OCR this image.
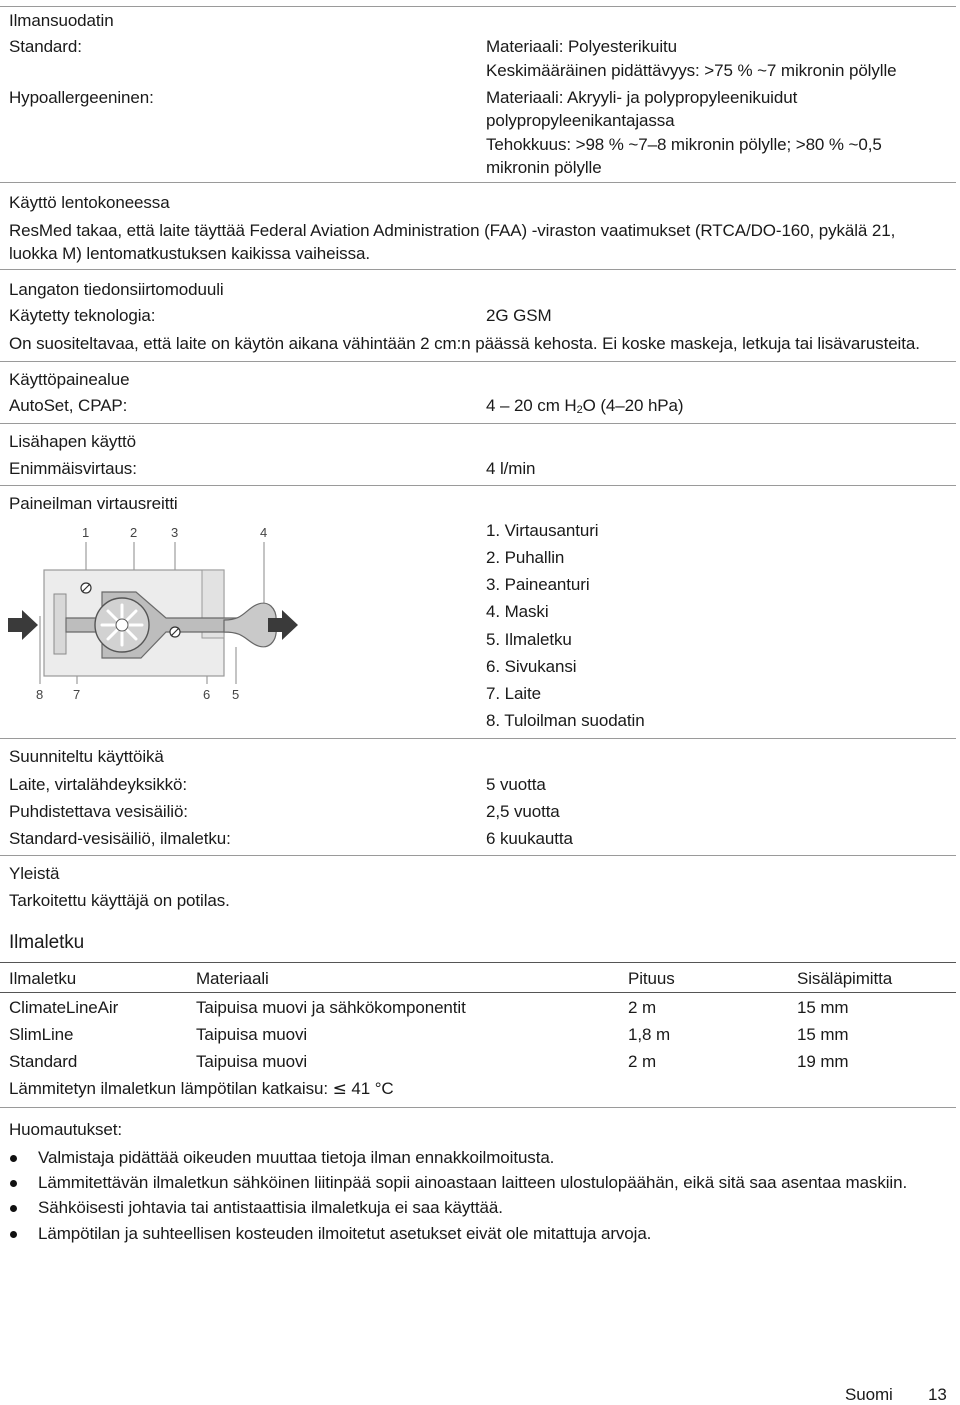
Ilmansuodatin
Standard:	Materiaali: Polyesterikuitu
Keskimääräinen pidättävyys: >75 % ~7 mikronin pölylle
Hypoallergeeninen:	Materiaali: Akryyli- ja polypropyleenikuidut
polypropyleenikantajassa
Tehokkuus: >98 % ~7–8 mikronin pölylle; >80 % ~0,5
mikronin pölylle
Käyttö lentokoneessa
ResMed takaa, että laite täyttää Federal Aviation Administration (FAA) -viraston vaatimukset (RTCA/DO-160, pykälä 21,
luokka M) lentomatkustuksen kaikissa vaiheissa.
Langaton tiedonsiirtomoduuli
Käytetty teknologia:	2G GSM
On suositeltavaa, että laite on käytön aikana vähintään 2 cm:n päässä kehosta. Ei koske maskeja, letkuja tai lisävarusteita.
Käyttöpainealue
AutoSet, CPAP:	4 – 20 cm H2O (4–20 hPa)
Lisähapen käyttö
Enimmäisvirtaus:	4 l/min
Paineilman virtausreitti
1	2	3	4
8 7	6 5
1. Virtausanturi
2. Puhallin
3. Paineanturi
4. Maski
5. Ilmaletku
6. Sivukansi
7. Laite
8. Tuloilman suodatin
Suunniteltu käyttöikä
Laite, virtalähdeyksikkö:	5 vuotta
Puhdistettava vesisäiliö:	2,5 vuotta
Standard-vesisäiliö, ilmaletku:	6 kuukautta
Yleistä
Tarkoitettu käyttäjä on potilas.
Ilmaletku
Ilmaletku	Materiaali	Pituus	Sisäläpimitta
ClimateLineAir	Taipuisa muovi ja sähkökomponentit	2 m	15 mm
SlimLine	Taipuisa muovi	1,8 m	15 mm
Standard	Taipuisa muovi	2 m	19 mm
Lämmitetyn ilmaletkun lämpötilan katkaisu: ≤ 41 °C
Huomautukset:
Valmistaja pidättää oikeuden muuttaa tietoja ilman ennakkoilmoitusta.
Lämmitettävän ilmaletkun sähköinen liitinpää sopii ainoastaan laitteen ulostulopäähän, eikä sitä saa asentaa maskiin.
Sähköisesti johtavia tai antistaattisia ilmaletkuja ei saa käyttää.
Lämpötilan ja suhteellisen kosteuden ilmoitetut asetukset eivät ole mitattuja arvoja.
Suomi 13
